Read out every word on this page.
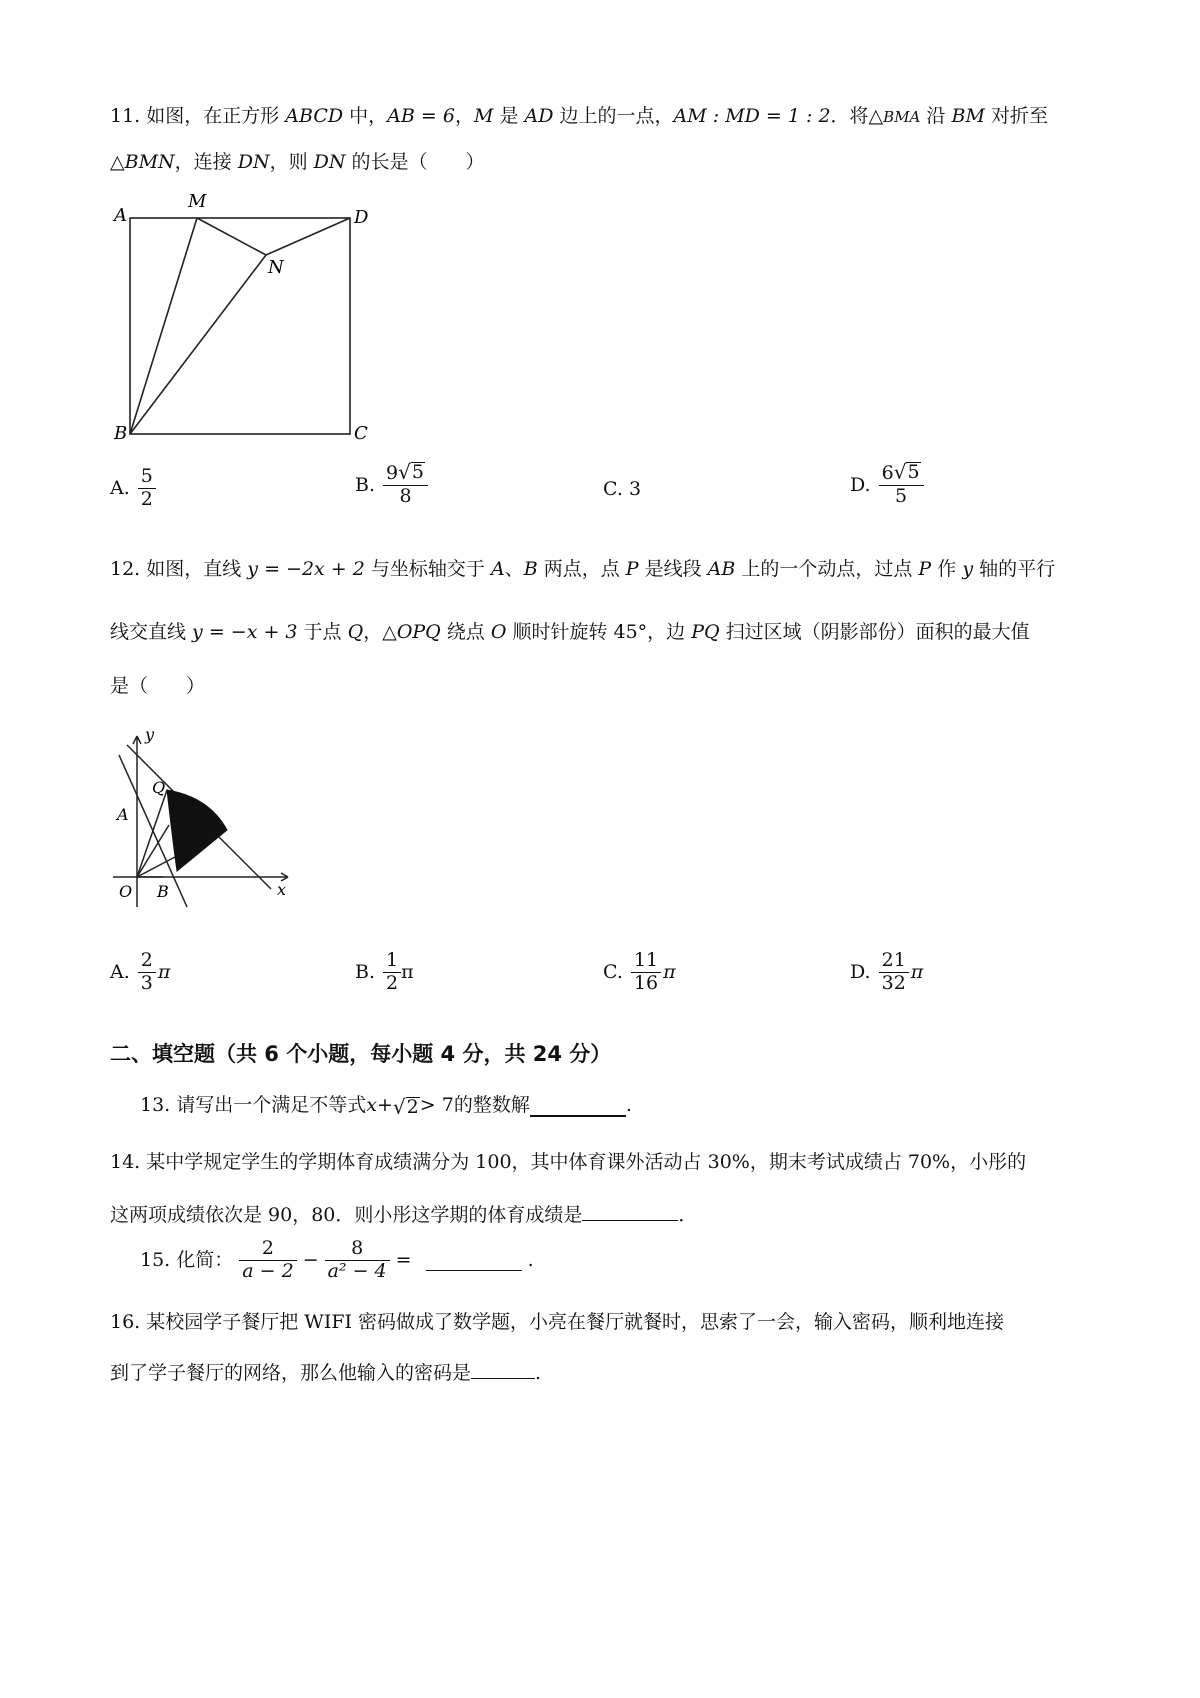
11. 如图，在正方形 ABCD 中，AB = 6，M 是 AD 边上的一点，AM : MD = 1 : 2．将△BMA 沿 BM 对折至
△BMN，连接 DN，则 DN 的长是（　　）
A
M
D
N
B	C
A. $\frac{5}{2}$	B. $\frac{9 √ 5}{8}$	C. 3	D. $\frac{6 √ 5}{5}$
12. 如图，直线 y = −2x + 2 与坐标轴交于 A、B 两点，点 P 是线段 AB 上的一个动点，过点 P 作 y 轴的平行
线交直线 y = −x + 3 于点 Q，△OPQ 绕点 O 顺时针旋转 45°，边 PQ 扫过区域（阴影部份）面积的最大值
是（　　）
y
Q
A
O B	x
A. $\frac{2}{3}$ π	B. $\frac{1}{2}$ π	C. $\frac{11}{16}$ π	D. $\frac{21}{32}$ π
二、填空题（共 6 个小题，每小题 4 分，共 24 分）
13. 请写出一个满足不等式 x + √ 2 > 7 的整数解	.
14. 某中学规定学生的学期体育成绩满分为 100，其中体育课外活动占 30%，期末考试成绩占 70%，小彤的
这两项成绩依次是 90，80．则小彤这学期的体育成绩是	．
15. 化简： $\frac{2}{a - 2} - \frac{8}{\text{a² − 4}}$ =	.
16. 某校园学子餐厅把 WIFI 密码做成了数学题，小亮在餐厅就餐时，思索了一会，输入密码，顺利地连接
到了学子餐厅的网络，那么他输入的密码是	.
